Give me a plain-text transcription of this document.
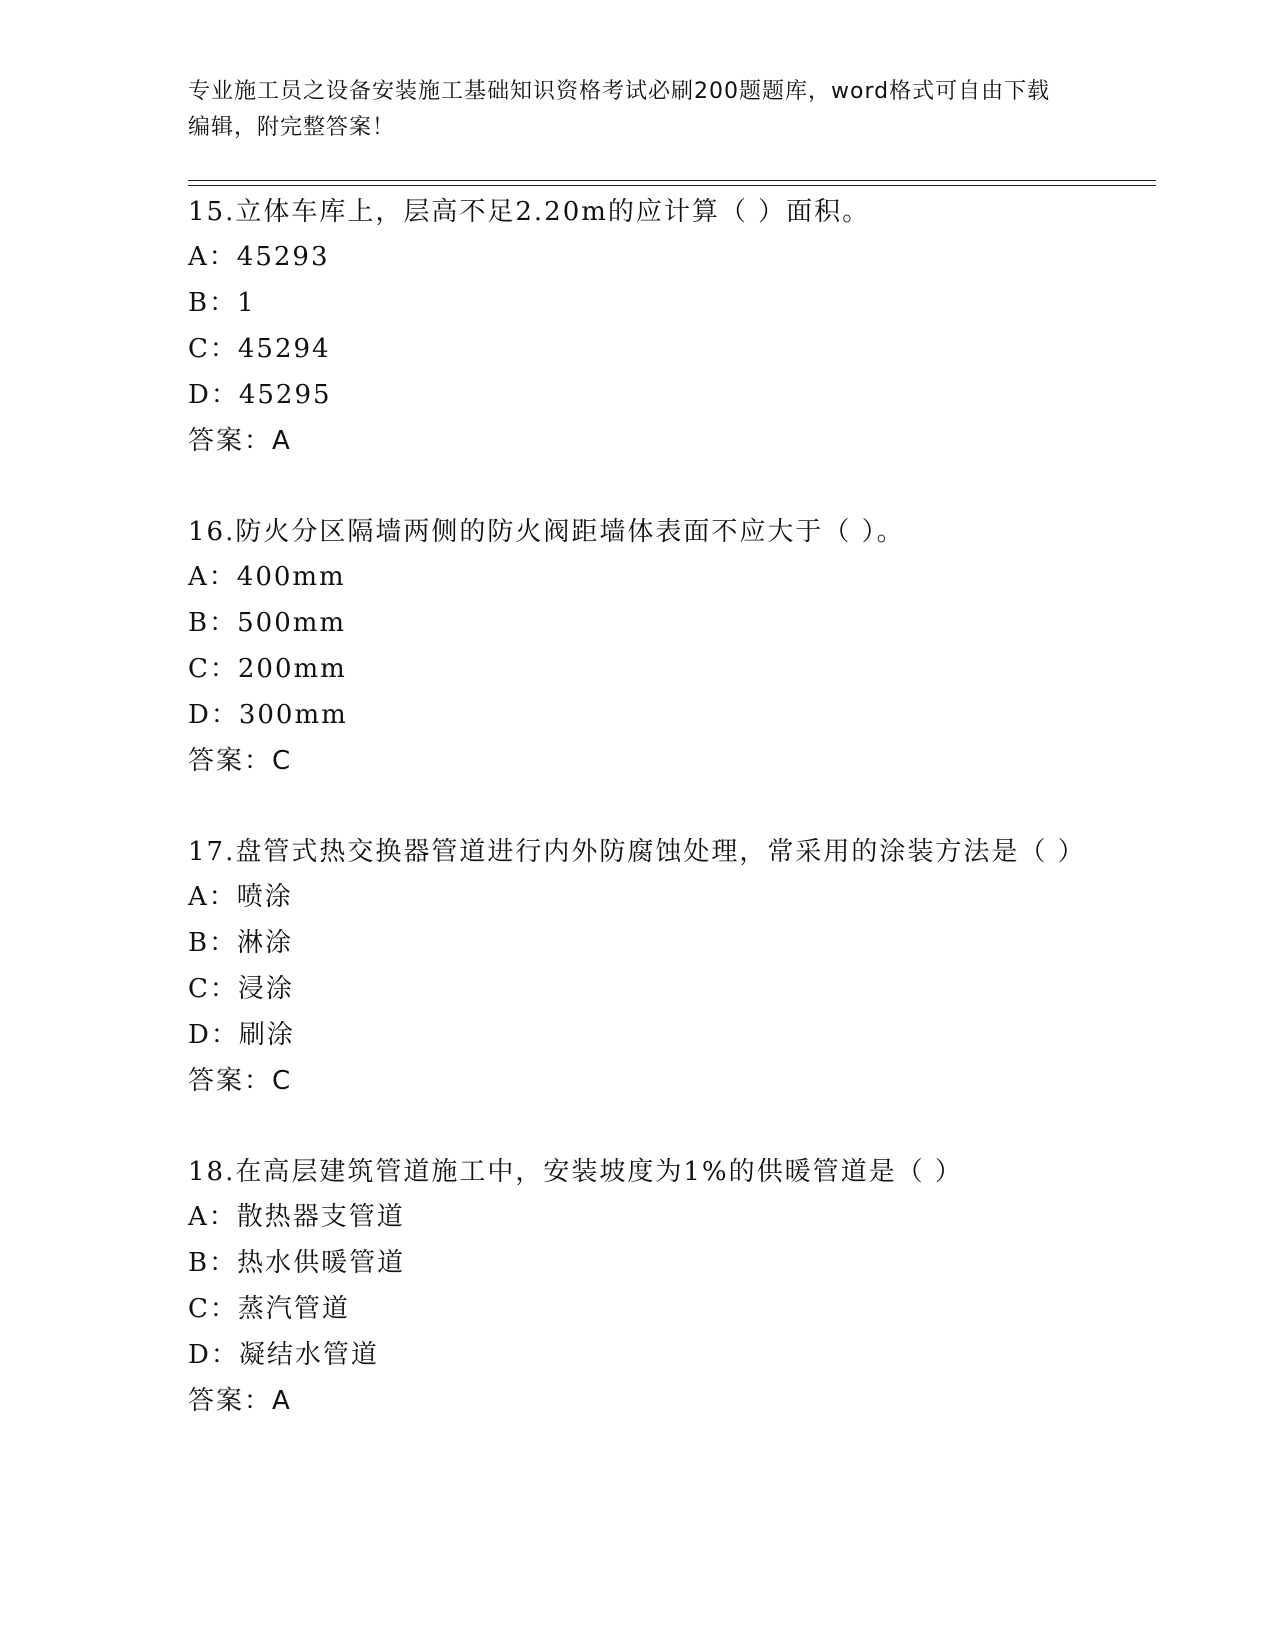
专业施工员之设备安装施工基础知识资格考试必刷200题题库，word格式可自由下载编辑，附完整答案！
15.立体车库上，层高不足2.20m的应计算（ ）面积。
A：45293
B：1
C：45294
D：45295
答案：A
16.防火分区隔墙两侧的防火阀距墙体表面不应大于（ ）。
A：400mm
B：500mm
C：200mm
D：300mm
答案：C
17.盘管式热交换器管道进行内外防腐蚀处理，常采用的涂装方法是（ ）
A：喷涂
B：淋涂
C：浸涂
D：刷涂
答案：C
18.在高层建筑管道施工中，安装坡度为1%的供暖管道是（ ）
A：散热器支管道
B：热水供暖管道
C：蒸汽管道
D：凝结水管道
答案：A
